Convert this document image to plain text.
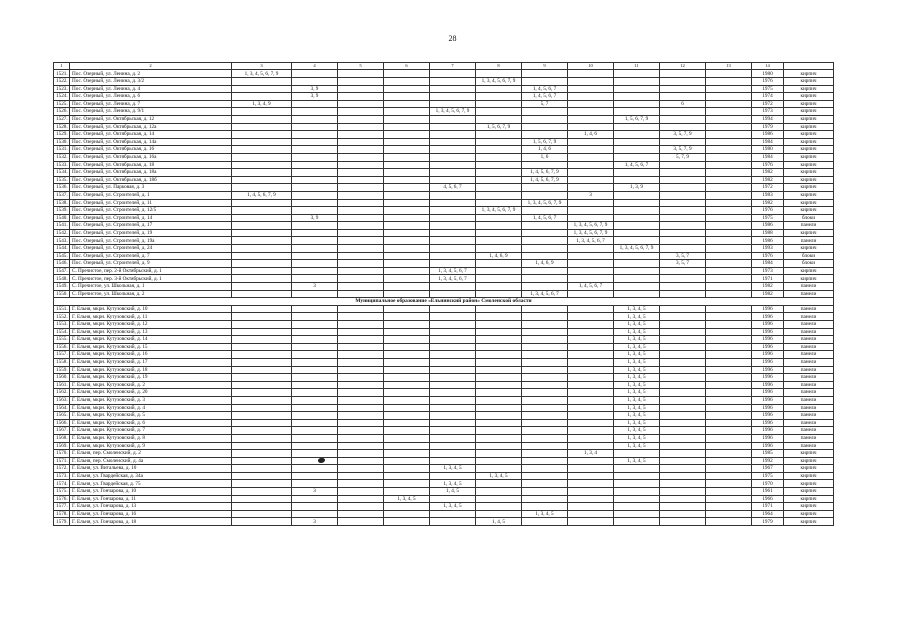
28
1	2	3	4	5	6	7	8	9	10	11	12	13	14	
1521.	Пос. Озерный, ул. Ленина, д. 2	1, 3, 4, 5, 6, 7, 9											1980	кирпич
1522.	Пос. Озерный, ул. Ленина, д. 3/2						1, 3, 4, 5, 6, 7, 9						1976	кирпич
1523.	Пос. Озерный, ул. Ленина, д. 4		3, 9					1, 4, 5, 6, 7					1975	кирпич
1524.	Пос. Озерный, ул. Ленина, д. 6		3, 9					1, 4, 5, 6, 7					1974	кирпич
1525.	Пос. Озерный, ул. Ленина, д. 7	1, 3, 4, 9						5, 7			6		1972	кирпич
1526.	Пос. Озерный, ул. Ленина, д. 9/1					1, 3, 4, 5, 6, 7, 9							1973	кирпич
1527.	Пос. Озерный, ул. Октябрьская, д. 12									1, 5, 6, 7, 9			1994	кирпич
1528.	Пос. Озерный, ул. Октябрьская, д. 12а						1, 5, 6, 7, 9						1979	кирпич
1529.	Пос. Озерный, ул. Октябрьская, д. 14								1, 4, 6		3, 5, 7, 9		1986	кирпич
1530.	Пос. Озерный, ул. Октябрьская, д. 14а							1, 5, 6, 7, 9					1984	кирпич
1531.	Пос. Озерный, ул. Октябрьская, д. 16							1, 4, 6			3, 5, 7, 9		1980	кирпич
1532.	Пос. Озерный, ул. Октябрьская, д. 16а							1, 6			5, 7, 9		1984	кирпич
1533.	Пос. Озерный, ул. Октябрьская, д. 18									1, 4, 5, 6, 7			1976	кирпич
1534.	Пос. Озерный, ул. Октябрьская, д. 18а							1, 4, 5, 6, 7, 9					1982	кирпич
1535.	Пос. Озерный, ул. Октябрьская, д. 18б							1, 4, 5, 6, 7, 9					1982	кирпич
1536.	Пос. Озерный, ул. Парковая, д. 3					4, 5, 6, 7				1, 3, 9			1972	кирпич
1537.	Пос. Озерный, ул. Строителей, д. 1	1, 4, 5, 6, 7, 9							3				1983	кирпич
1538.	Пос. Озерный, ул. Строителей, д. 11							1, 3, 4, 5, 6, 7, 9					1982	кирпич
1539.	Пос. Озерный, ул. Строителей, д. 12/5						1, 3, 4, 5, 6, 7, 9						1976	кирпич
1540.	Пос. Озерный, ул. Строителей, д. 14		3, 9					1, 4, 5, 6, 7					1975	блоки
1541.	Пос. Озерный, ул. Строителей, д. 17								1, 3, 4, 5, 6, 7, 9				1986	панели
1542.	Пос. Озерный, ул. Строителей, д. 19								1, 3, 4, 5, 6, 7, 9				1988	кирпич
1543.	Пос. Озерный, ул. Строителей, д. 19а								1, 3, 4, 5, 6, 7				1986	панели
1544.	Пос. Озерный, ул. Строителей, д. 24									1, 3, 4, 5, 6, 7, 9			1993	кирпич
1545.	Пос. Озерный, ул. Строителей, д. 7						1, 4, 6, 9				3, 5, 7		1976	блоки
1546.	Пос. Озерный, ул. Строителей, д. 9							1, 4, 6, 9			3, 5, 7		1984	блоки
1547.	С. Пречистое, пер. 2-й Октябрьский, д. 1					1, 3, 4, 5, 6, 7							1973	кирпич
1548.	С. Пречистое, пер. 3-й Октябрьский, д. 1					1, 3, 4, 5, 6, 7							1971	кирпич
1549.	С. Пречистое, ул. Школьная, д. 1		3						1, 4, 5, 6, 7				1982	панели
1550.	С. Пречистое, ул. Школьная, д. 2							1, 3, 4, 5, 6, 7					1982	панели
Муниципальное образование «Ельнинский район» Смоленской области														
1551.	Г. Ельня, мкрн. Кутузовский, д. 10									1, 3, 4, 5			1996	панели
1552.	Г. Ельня, мкрн. Кутузовский, д. 11									1, 3, 4, 5			1996	панели
1553.	Г. Ельня, мкрн. Кутузовский, д. 12									1, 3, 4, 5			1996	панели
1554.	Г. Ельня, мкрн. Кутузовский, д. 13									1, 3, 4, 5			1996	панели
1555.	Г. Ельня, мкрн. Кутузовский, д. 14									1, 3, 4, 5			1996	панели
1556.	Г. Ельня, мкрн. Кутузовский, д. 15									1, 3, 4, 5			1996	панели
1557.	Г. Ельня, мкрн. Кутузовский, д. 16									1, 3, 4, 5			1996	панели
1558.	Г. Ельня, мкрн. Кутузовский, д. 17									1, 3, 4, 5			1996	панели
1559.	Г. Ельня, мкрн. Кутузовский, д. 18									1, 3, 4, 5			1996	панели
1560.	Г. Ельня, мкрн. Кутузовский, д. 19									1, 3, 4, 5			1996	панели
1561.	Г. Ельня, мкрн. Кутузовский, д. 2									1, 3, 4, 5			1996	панели
1562.	Г. Ельня, мкрн. Кутузовский, д. 20									1, 3, 4, 5			1996	панели
1563.	Г. Ельня, мкрн. Кутузовский, д. 3									1, 3, 4, 5			1996	панели
1564.	Г. Ельня, мкрн. Кутузовский, д. 4									1, 3, 4, 5			1996	панели
1565.	Г. Ельня, мкрн. Кутузовский, д. 5									1, 3, 4, 5			1996	панели
1566.	Г. Ельня, мкрн. Кутузовский, д. 6									1, 3, 4, 5			1996	панели
1567.	Г. Ельня, мкрн. Кутузовский, д. 7									1, 3, 4, 5			1996	панели
1568.	Г. Ельня, мкрн. Кутузовский, д. 8									1, 3, 4, 5			1996	панели
1569.	Г. Ельня, мкрн. Кутузовский, д. 9									1, 3, 4, 5			1996	панели
1570.	Г. Ельня, пер. Смоленский, д. 2								1, 3, 4				1985	кирпич
1571.	Г. Ельня, пер. Смоленский, д. 4а									1, 3, 4, 5			1992	кирпич
1572.	Г. Ельня, ул. Витальева, д. 10					1, 3, 4, 5							1967	кирпич
1573.	Г. Ельня, ул. Гвардейская, д. 34а						1, 3, 4, 5						1975	кирпич
1574.	Г. Ельня, ул. Гвардейская, д. 75					1, 3, 4, 5							1970	кирпич
1575.	Г. Ельня, ул. Гончарова, д. 10		3			1, 4, 5							1961	кирпич
1576.	Г. Ельня, ул. Гончарова, д. 11				1, 3, 4, 5								1966	кирпич
1577.	Г. Ельня, ул. Гончарова, д. 13					1, 3, 4, 5							1971	кирпич
1578.	Г. Ельня, ул. Гончарова, д. 16							1, 3, 4, 5					1964	кирпич
1579.	Г. Ельня, ул. Гончарова, д. 18		3				1, 4, 5						1979	кирпич
